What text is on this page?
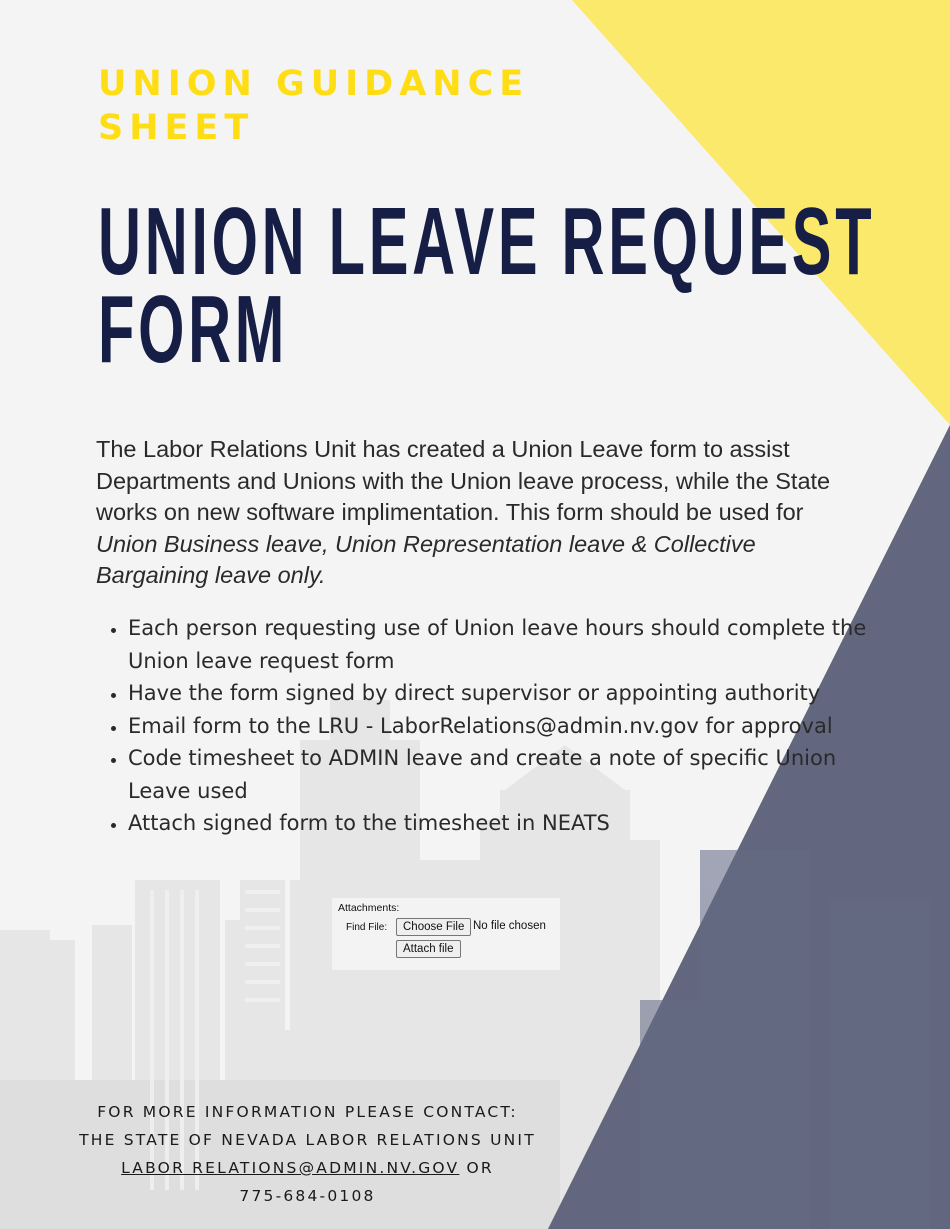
UNION GUIDANCE
SHEET
UNION LEAVE REQUEST
FORM

The Labor Relations Unit has created a Union Leave form to assist Departments and Unions with the Union leave process, while the State works on new software implimentation. This form should be used for Union Business leave, Union Representation leave & Collective Bargaining leave only.

• Each person requesting use of Union leave hours should complete the Union leave request form
• Have the form signed by direct supervisor or appointing authority
• Email form to the LRU - LaborRelations@admin.nv.gov for approval
• Code timesheet to ADMIN leave and create a note of specific Union Leave used
• Attach signed form to the timesheet in NEATS
Attachments:
Find File:	Choose File No file chosen
Attach file

FOR MORE INFORMATION PLEASE CONTACT:
THE STATE OF NEVADA LABOR RELATIONS UNIT
LABOR RELATIONS@ADMIN.NV.GOV OR
775-684-0108
